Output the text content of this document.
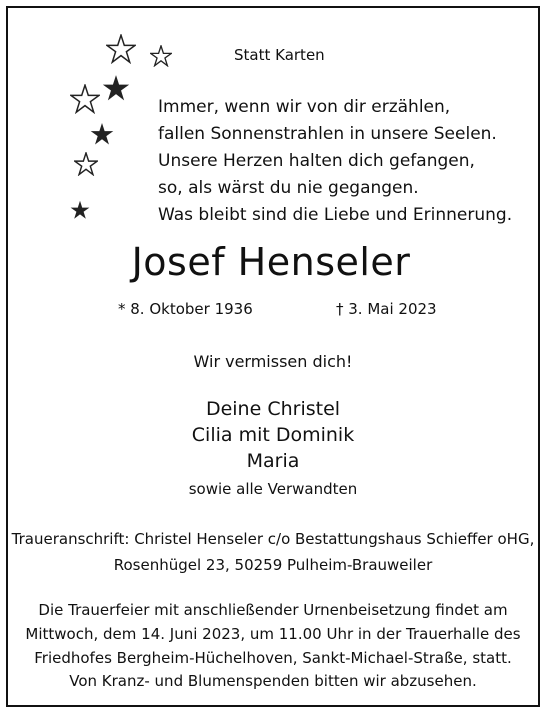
Statt Karten
Immer, wenn wir von dir erzählen,
fallen Sonnenstrahlen in unsere Seelen.
Unsere Herzen halten dich gefangen,
so, als wärst du nie gegangen.
Was bleibt sind die Liebe und Erinnerung.
Josef Henseler
* 8. Oktober 1936	† 3. Mai 2023
Wir vermissen dich!
Deine Christel
Cilia mit Dominik
Maria
sowie alle Verwandten
Traueranschrift: Christel Henseler c/o Bestattungshaus Schieffer oHG,
Rosenhügel 23, 50259 Pulheim-Brauweiler
Die Trauerfeier mit anschließender Urnenbeisetzung findet am
Mittwoch, dem 14. Juni 2023, um 11.00 Uhr in der Trauerhalle des
Friedhofes Bergheim-Hüchelhoven, Sankt-Michael-Straße, statt.
Von Kranz- und Blumenspenden bitten wir abzusehen.
